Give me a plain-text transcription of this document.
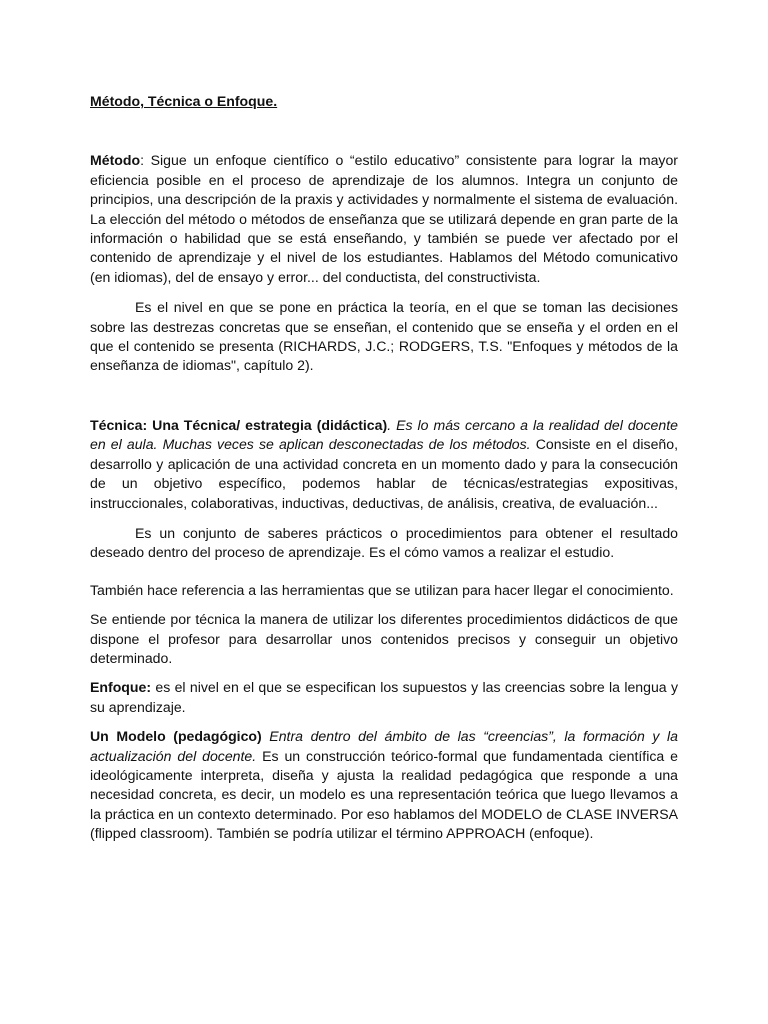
Método, Técnica o Enfoque.

Método: Sigue un enfoque científico o “estilo educativo” consistente para lograr la mayor eficiencia posible en el proceso de aprendizaje de los alumnos. Integra un conjunto de principios, una descripción de la praxis y actividades y normalmente el sistema de evaluación. La elección del método o métodos de enseñanza que se utilizará depende en gran parte de la información o habilidad que se está enseñando, y también se puede ver afectado por el contenido de aprendizaje y el nivel de los estudiantes. Hablamos del Método comunicativo (en idiomas), del de ensayo y error... del conductista, del constructivista.

Es el nivel en que se pone en práctica la teoría, en el que se toman las decisiones sobre las destrezas concretas que se enseñan, el contenido que se enseña y el orden en el que el contenido se presenta (RICHARDS, J.C.; RODGERS, T.S. "Enfoques y métodos de la enseñanza de idiomas", capítulo 2).

Técnica: Una Técnica/ estrategia (didáctica). Es lo más cercano a la realidad del docente en el aula. Muchas veces se aplican desconectadas de los métodos. Consiste en el diseño, desarrollo y aplicación de una actividad concreta en un momento dado y para la consecución de un objetivo específico, podemos hablar de técnicas/estrategias expositivas, instruccionales, colaborativas, inductivas, deductivas, de análisis, creativa, de evaluación...

Es un conjunto de saberes prácticos o procedimientos para obtener el resultado deseado dentro del proceso de aprendizaje. Es el cómo vamos a realizar el estudio.

También hace referencia a las herramientas que se utilizan para hacer llegar el conocimiento.

Se entiende por técnica la manera de utilizar los diferentes procedimientos didácticos de que dispone el profesor para desarrollar unos contenidos precisos y conseguir un objetivo determinado.

Enfoque: es el nivel en el que se especifican los supuestos y las creencias sobre la lengua y su aprendizaje.

Un Modelo (pedagógico) Entra dentro del ámbito de las “creencias”, la formación y la actualización del docente. Es un construcción teórico-formal que fundamentada científica e ideológicamente interpreta, diseña y ajusta la realidad pedagógica que responde a una necesidad concreta, es decir, un modelo es una representación teórica que luego llevamos a la práctica en un contexto determinado. Por eso hablamos del MODELO de CLASE INVERSA (flipped classroom). También se podría utilizar el término APPROACH (enfoque).
